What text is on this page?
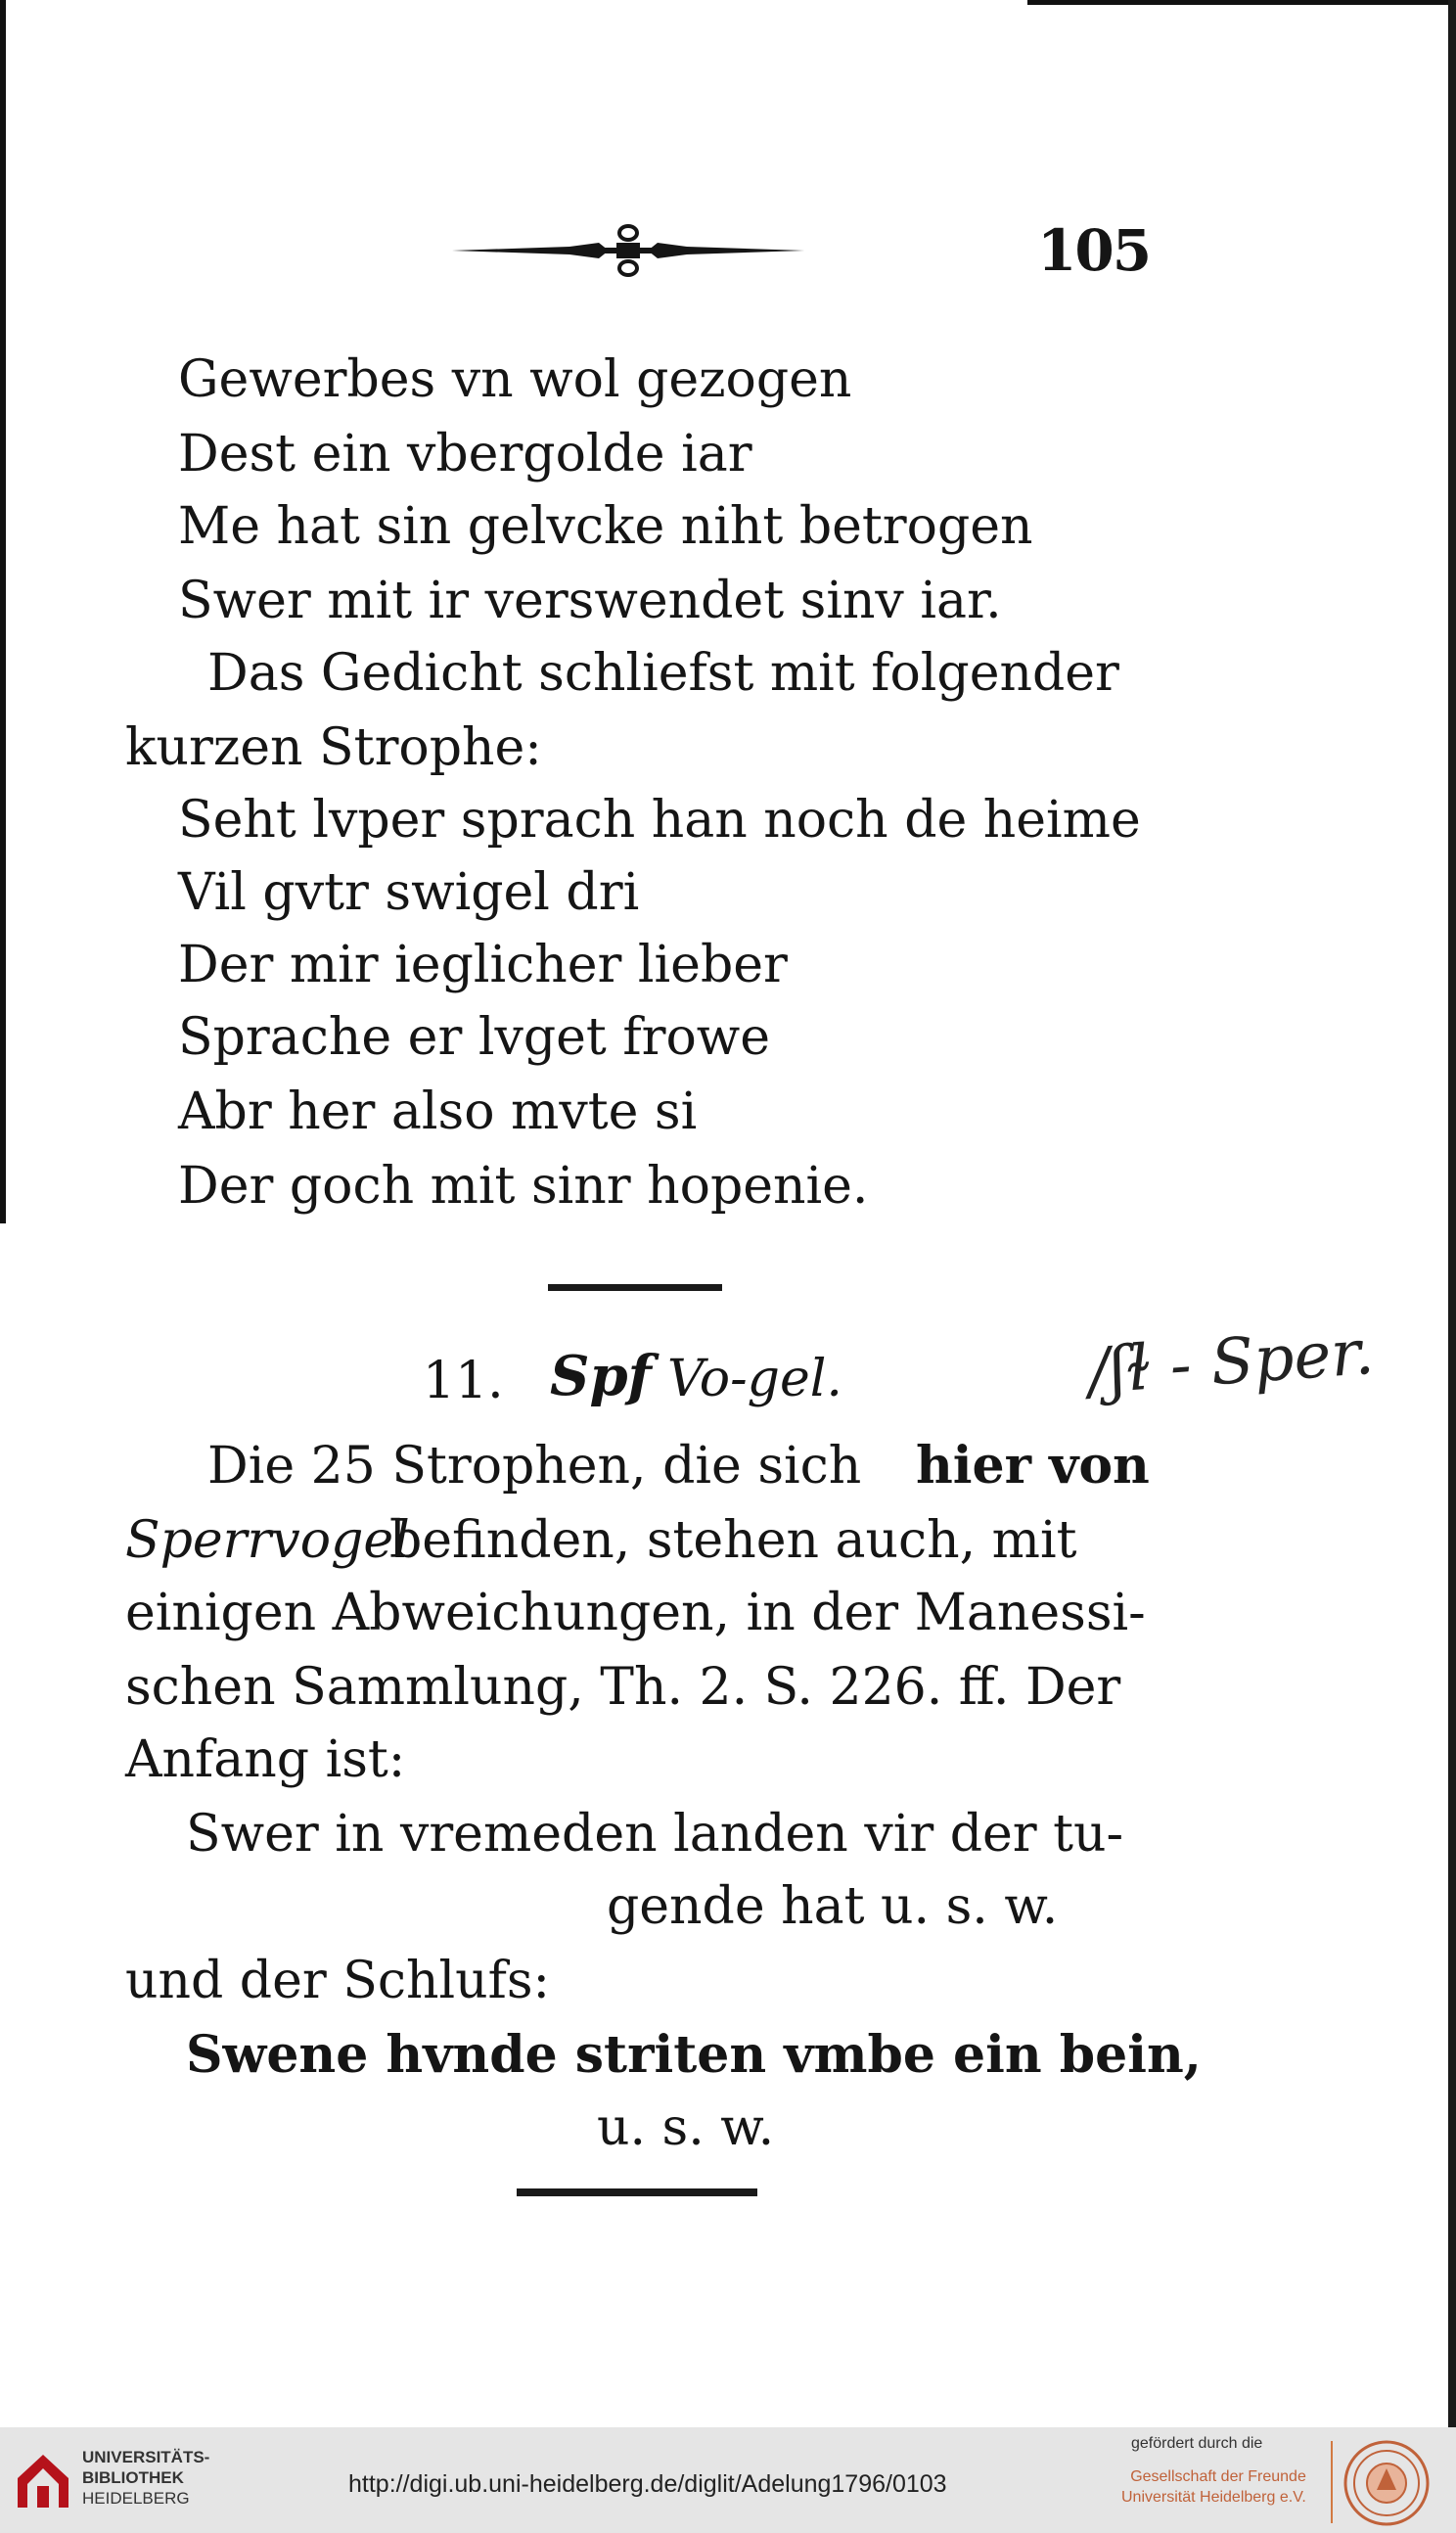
105
Gewerbes vn wol gezogen
Dest ein vbergolde iar
Me hat sin gelvcke niht betrogen
Swer mit ir verswendet sinv iar.
Das Gedicht schliefst mit folgender
kurzen Strophe:
Seht lvper sprach han noch de heime
Vil gvtr swigel dri
Der mir ieglicher lieber
Sprache er lvget frowe
Abr her also mvte si
Der goch mit sinr hopenie.
11. Spf Vo-gel.	/ʃɫ - Sper.
Die 25 Strophen, die sich hier von
Sperrvogel
befinden, stehen auch, mit
einigen Abweichungen, in der Manessi-
schen Sammlung, Th. 2. S. 226. ff. Der
Anfang ist:
Swer in vremeden landen vir der tu-
gende hat u. s. w.
und der Schlufs:
Swene hvnde striten vmbe ein bein,
u. s. w.
UNIVERSITÄTS-
BIBLIOTHEK
HEIDELBERG
http://digi.ub.uni-heidelberg.de/diglit/Adelung1796/0103
gefördert durch die
Gesellschaft der Freunde
Universität Heidelberg e.V.
